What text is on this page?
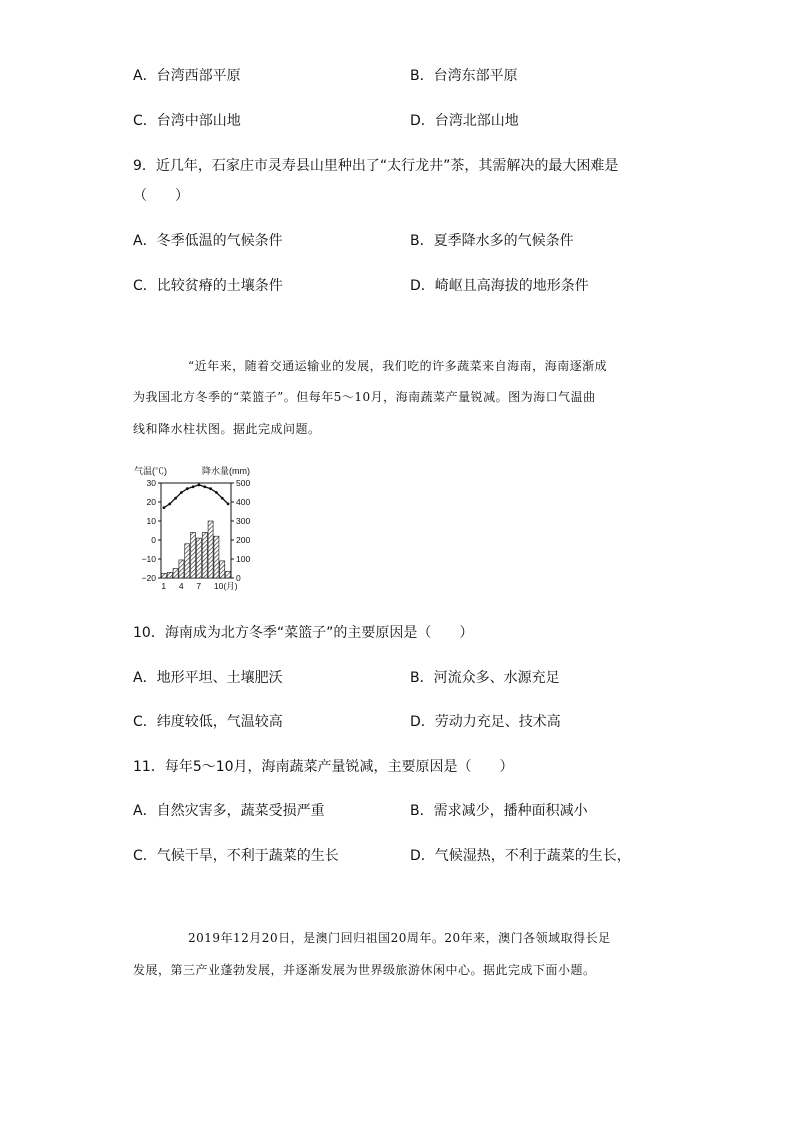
A．台湾西部平原	B．台湾东部平原
C．台湾中部山地	D．台湾北部山地
9．近几年，石家庄市灵寿县山里种出了“太行龙井”茶，其需解决的最大困难是
（　　）
A．冬季低温的气候条件	B．夏季降水多的气候条件
C．比较贫瘠的土壤条件	D．崎岖且高海拔的地形条件
“近年来，随着交通运输业的发展，我们吃的许多蔬菜来自海南，海南逐渐成
为我国北方冬季的“菜篮子”。但每年5～10月，海南蔬菜产量锐减。图为海口气温曲
线和降水柱状图。据此完成问题。
气温(℃)	降水量(mm)
30
20
10
0
−10
−20
500
400
300
200
100
0
1 4 7 10(月)
10．海南成为北方冬季“菜篮子”的主要原因是（　　）
A．地形平坦、土壤肥沃	B．河流众多、水源充足
C．纬度较低，气温较高	D．劳动力充足、技术高
11．每年5～10月，海南蔬菜产量锐减，主要原因是（　　）
A．自然灾害多，蔬菜受损严重	B．需求减少，播种面积减小
C．气候干旱，不利于蔬菜的生长	D．气候湿热，不利于蔬菜的生长，
2019年12月20日，是澳门回归祖国20周年。20年来，澳门各领域取得长足
发展，第三产业蓬勃发展，并逐渐发展为世界级旅游休闲中心。据此完成下面小题。
